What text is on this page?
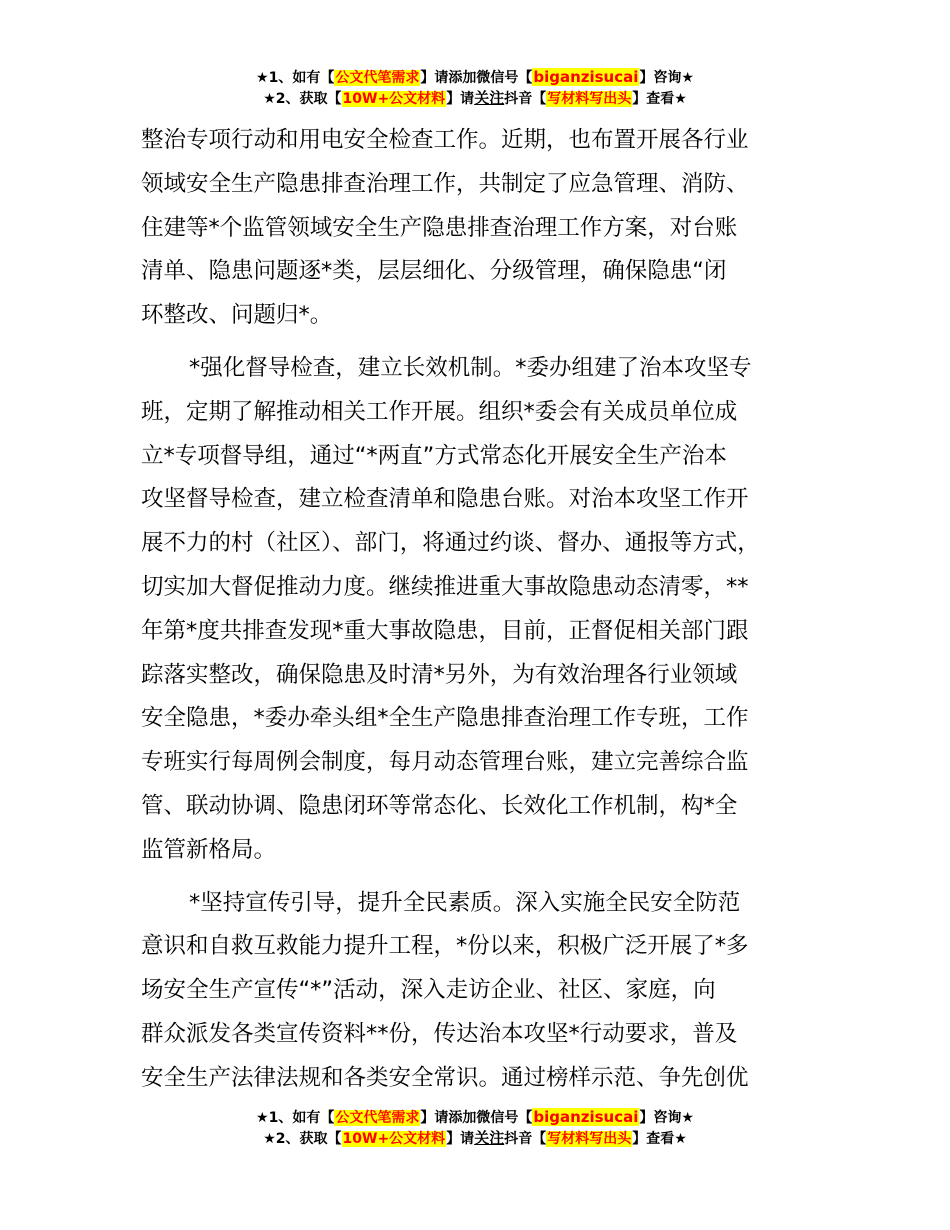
★1、如有【公文代笔需求】请添加微信号【biganzisucai】咨询★
★2、获取【10W+公文材料】请关注抖音【写材料写出头】查看★

整治专项行动和用电安全检查工作。近期，也布置开展各行业
领域安全生产隐患排查治理工作，共制定了应急管理、消防、
住建等*个监管领域安全生产隐患排查治理工作方案，对台账
清单、隐患问题逐*类，层层细化、分级管理，确保隐患“闭
环整改、问题归*。

*强化督导检查，建立长效机制。*委办组建了治本攻坚专
班，定期了解推动相关工作开展。组织*委会有关成员单位成
立*专项督导组，通过“*两直”方式常态化开展安全生产治本
攻坚督导检查，建立检查清单和隐患台账。对治本攻坚工作开
展不力的村（社区）、部门，将通过约谈、督办、通报等方式，
切实加大督促推动力度。继续推进重大事故隐患动态清零，**
年第*度共排查发现*重大事故隐患，目前，正督促相关部门跟
踪落实整改，确保隐患及时清*另外，为有效治理各行业领域
安全隐患，*委办牵头组*全生产隐患排查治理工作专班，工作
专班实行每周例会制度，每月动态管理台账，建立完善综合监
管、联动协调、隐患闭环等常态化、长效化工作机制，构*全
监管新格局。

*坚持宣传引导，提升全民素质。深入实施全民安全防范
意识和自救互救能力提升工程，*份以来，积极广泛开展了*多
场安全生产宣传“*”活动，深入走访企业、社区、家庭，向
群众派发各类宣传资料**份，传达治本攻坚*行动要求，普及
安全生产法律法规和各类安全常识。通过榜样示范、争先创优

★1、如有【公文代笔需求】请添加微信号【biganzisucai】咨询★
★2、获取【10W+公文材料】请关注抖音【写材料写出头】查看★
